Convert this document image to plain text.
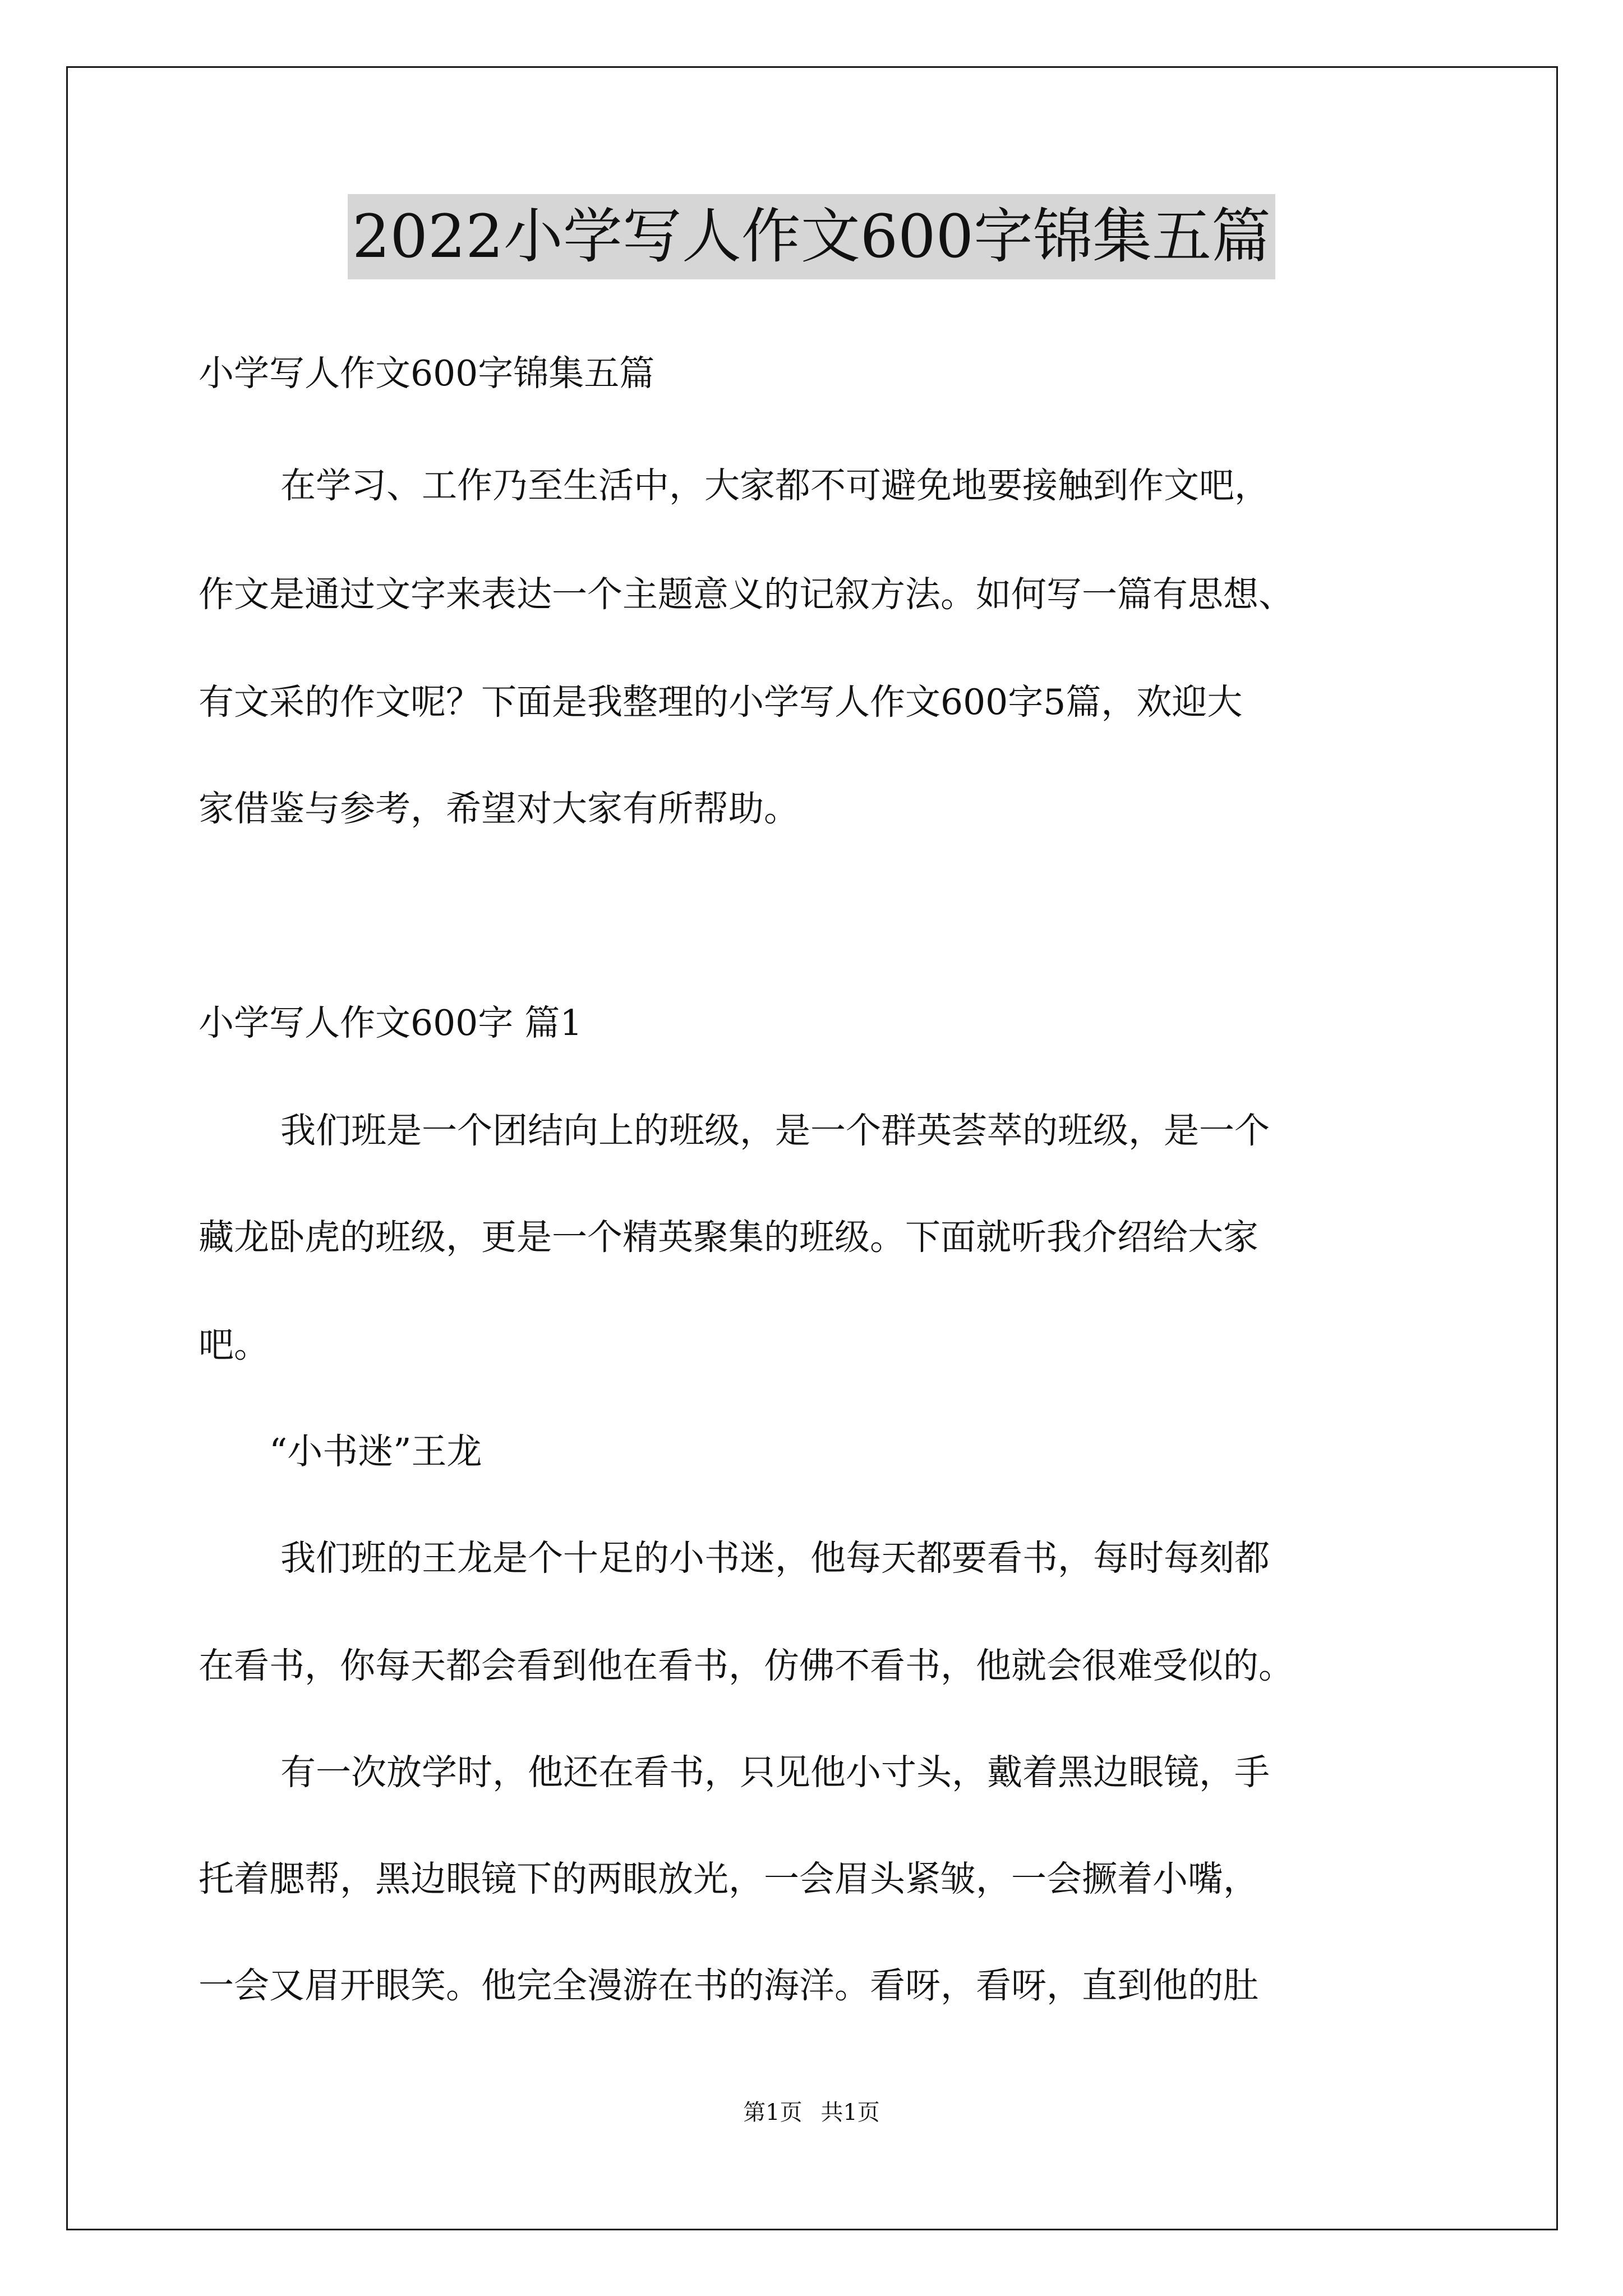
2022小学写人作文600字锦集五篇
小学写人作文600字锦集五篇
在学习、工作乃至生活中，大家都不可避免地要接触到作文吧，
作文是通过文字来表达一个主题意义的记叙方法。如何写一篇有思想、
有文采的作文呢？下面是我整理的小学写人作文600字5篇，欢迎大
家借鉴与参考，希望对大家有所帮助。
小学写人作文600字 篇1
我们班是一个团结向上的班级，是一个群英荟萃的班级，是一个
藏龙卧虎的班级，更是一个精英聚集的班级。下面就听我介绍给大家
吧。
“小书迷”王龙
我们班的王龙是个十足的小书迷，他每天都要看书，每时每刻都
在看书，你每天都会看到他在看书，仿佛不看书，他就会很难受似的。
有一次放学时，他还在看书，只见他小寸头，戴着黑边眼镜，手
托着腮帮，黑边眼镜下的两眼放光，一会眉头紧皱，一会撅着小嘴，
一会又眉开眼笑。他完全漫游在书的海洋。看呀，看呀，直到他的肚
第1页 共1页
